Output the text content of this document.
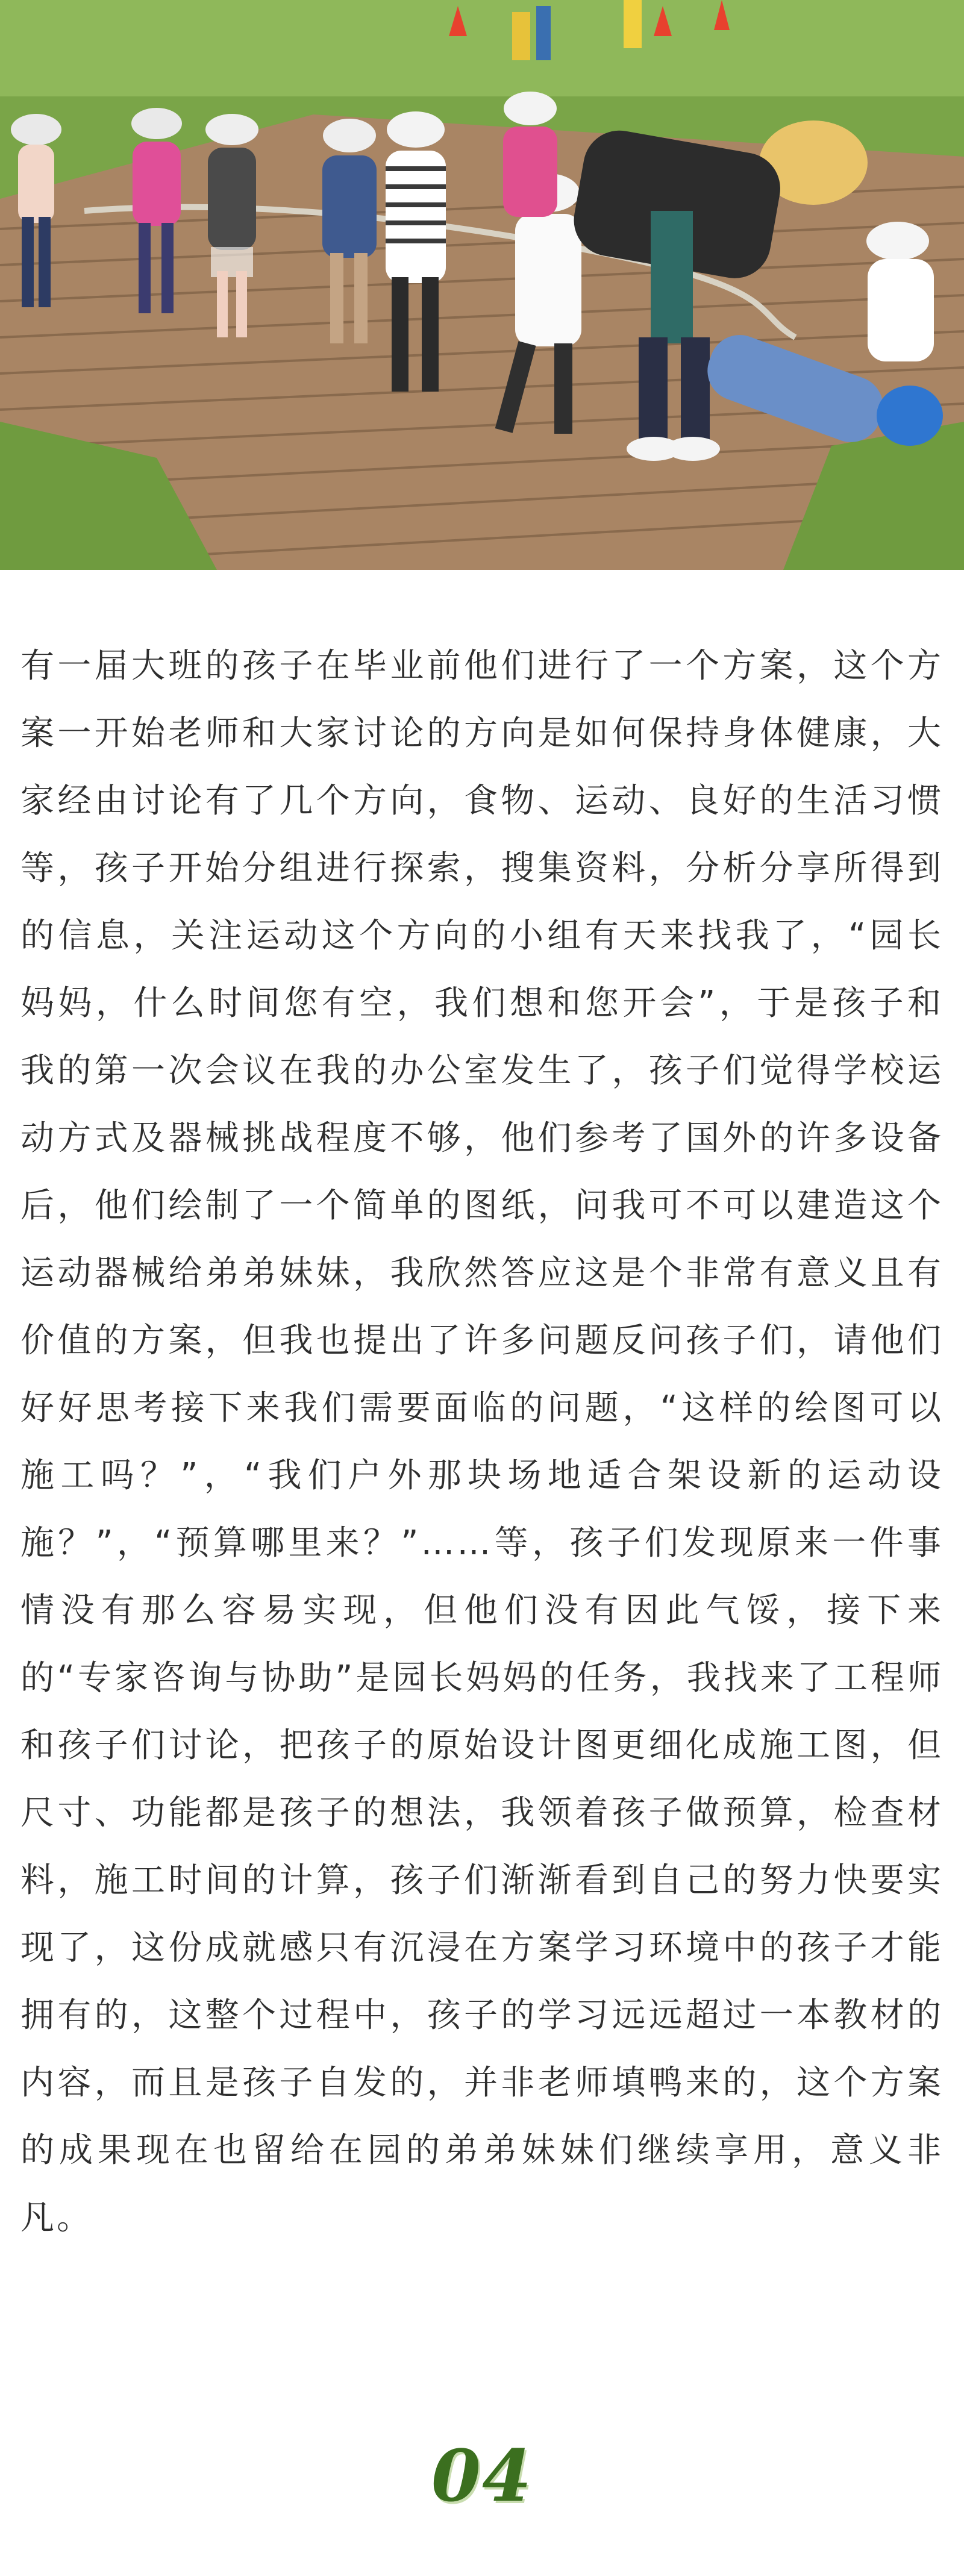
有一届大班的孩子在毕业前他们进行了一个方案，这个方案一开始老师和大家讨论的方向是如何保持身体健康，大家经由讨论有了几个方向，食物、运动、良好的生活习惯等，孩子开始分组进行探索，搜集资料，分析分享所得到的信息，关注运动这个方向的小组有天来找我了，“园长妈妈，什么时间您有空，我们想和您开会”，于是孩子和我的第一次会议在我的办公室发生了，孩子们觉得学校运动方式及器械挑战程度不够，他们参考了国外的许多设备后，他们绘制了一个简单的图纸，问我可不可以建造这个运动器械给弟弟妹妹，我欣然答应这是个非常有意义且有价值的方案，但我也提出了许多问题反问孩子们，请他们好好思考接下来我们需要面临的问题，“这样的绘图可以施工吗？”，“我们户外那块场地适合架设新的运动设施？”，“预算哪里来？”……等，孩子们发现原来一件事情没有那么容易实现，但他们没有因此气馁，接下来的“专家咨询与协助”是园长妈妈的任务，我找来了工程师和孩子们讨论，把孩子的原始设计图更细化成施工图，但尺寸、功能都是孩子的想法，我领着孩子做预算，检查材料，施工时间的计算，孩子们渐渐看到自己的努力快要实现了，这份成就感只有沉浸在方案学习环境中的孩子才能拥有的，这整个过程中，孩子的学习远远超过一本教材的内容，而且是孩子自发的，并非老师填鸭来的，这个方案的成果现在也留给在园的弟弟妹妹们继续享用，意义非凡。

04
